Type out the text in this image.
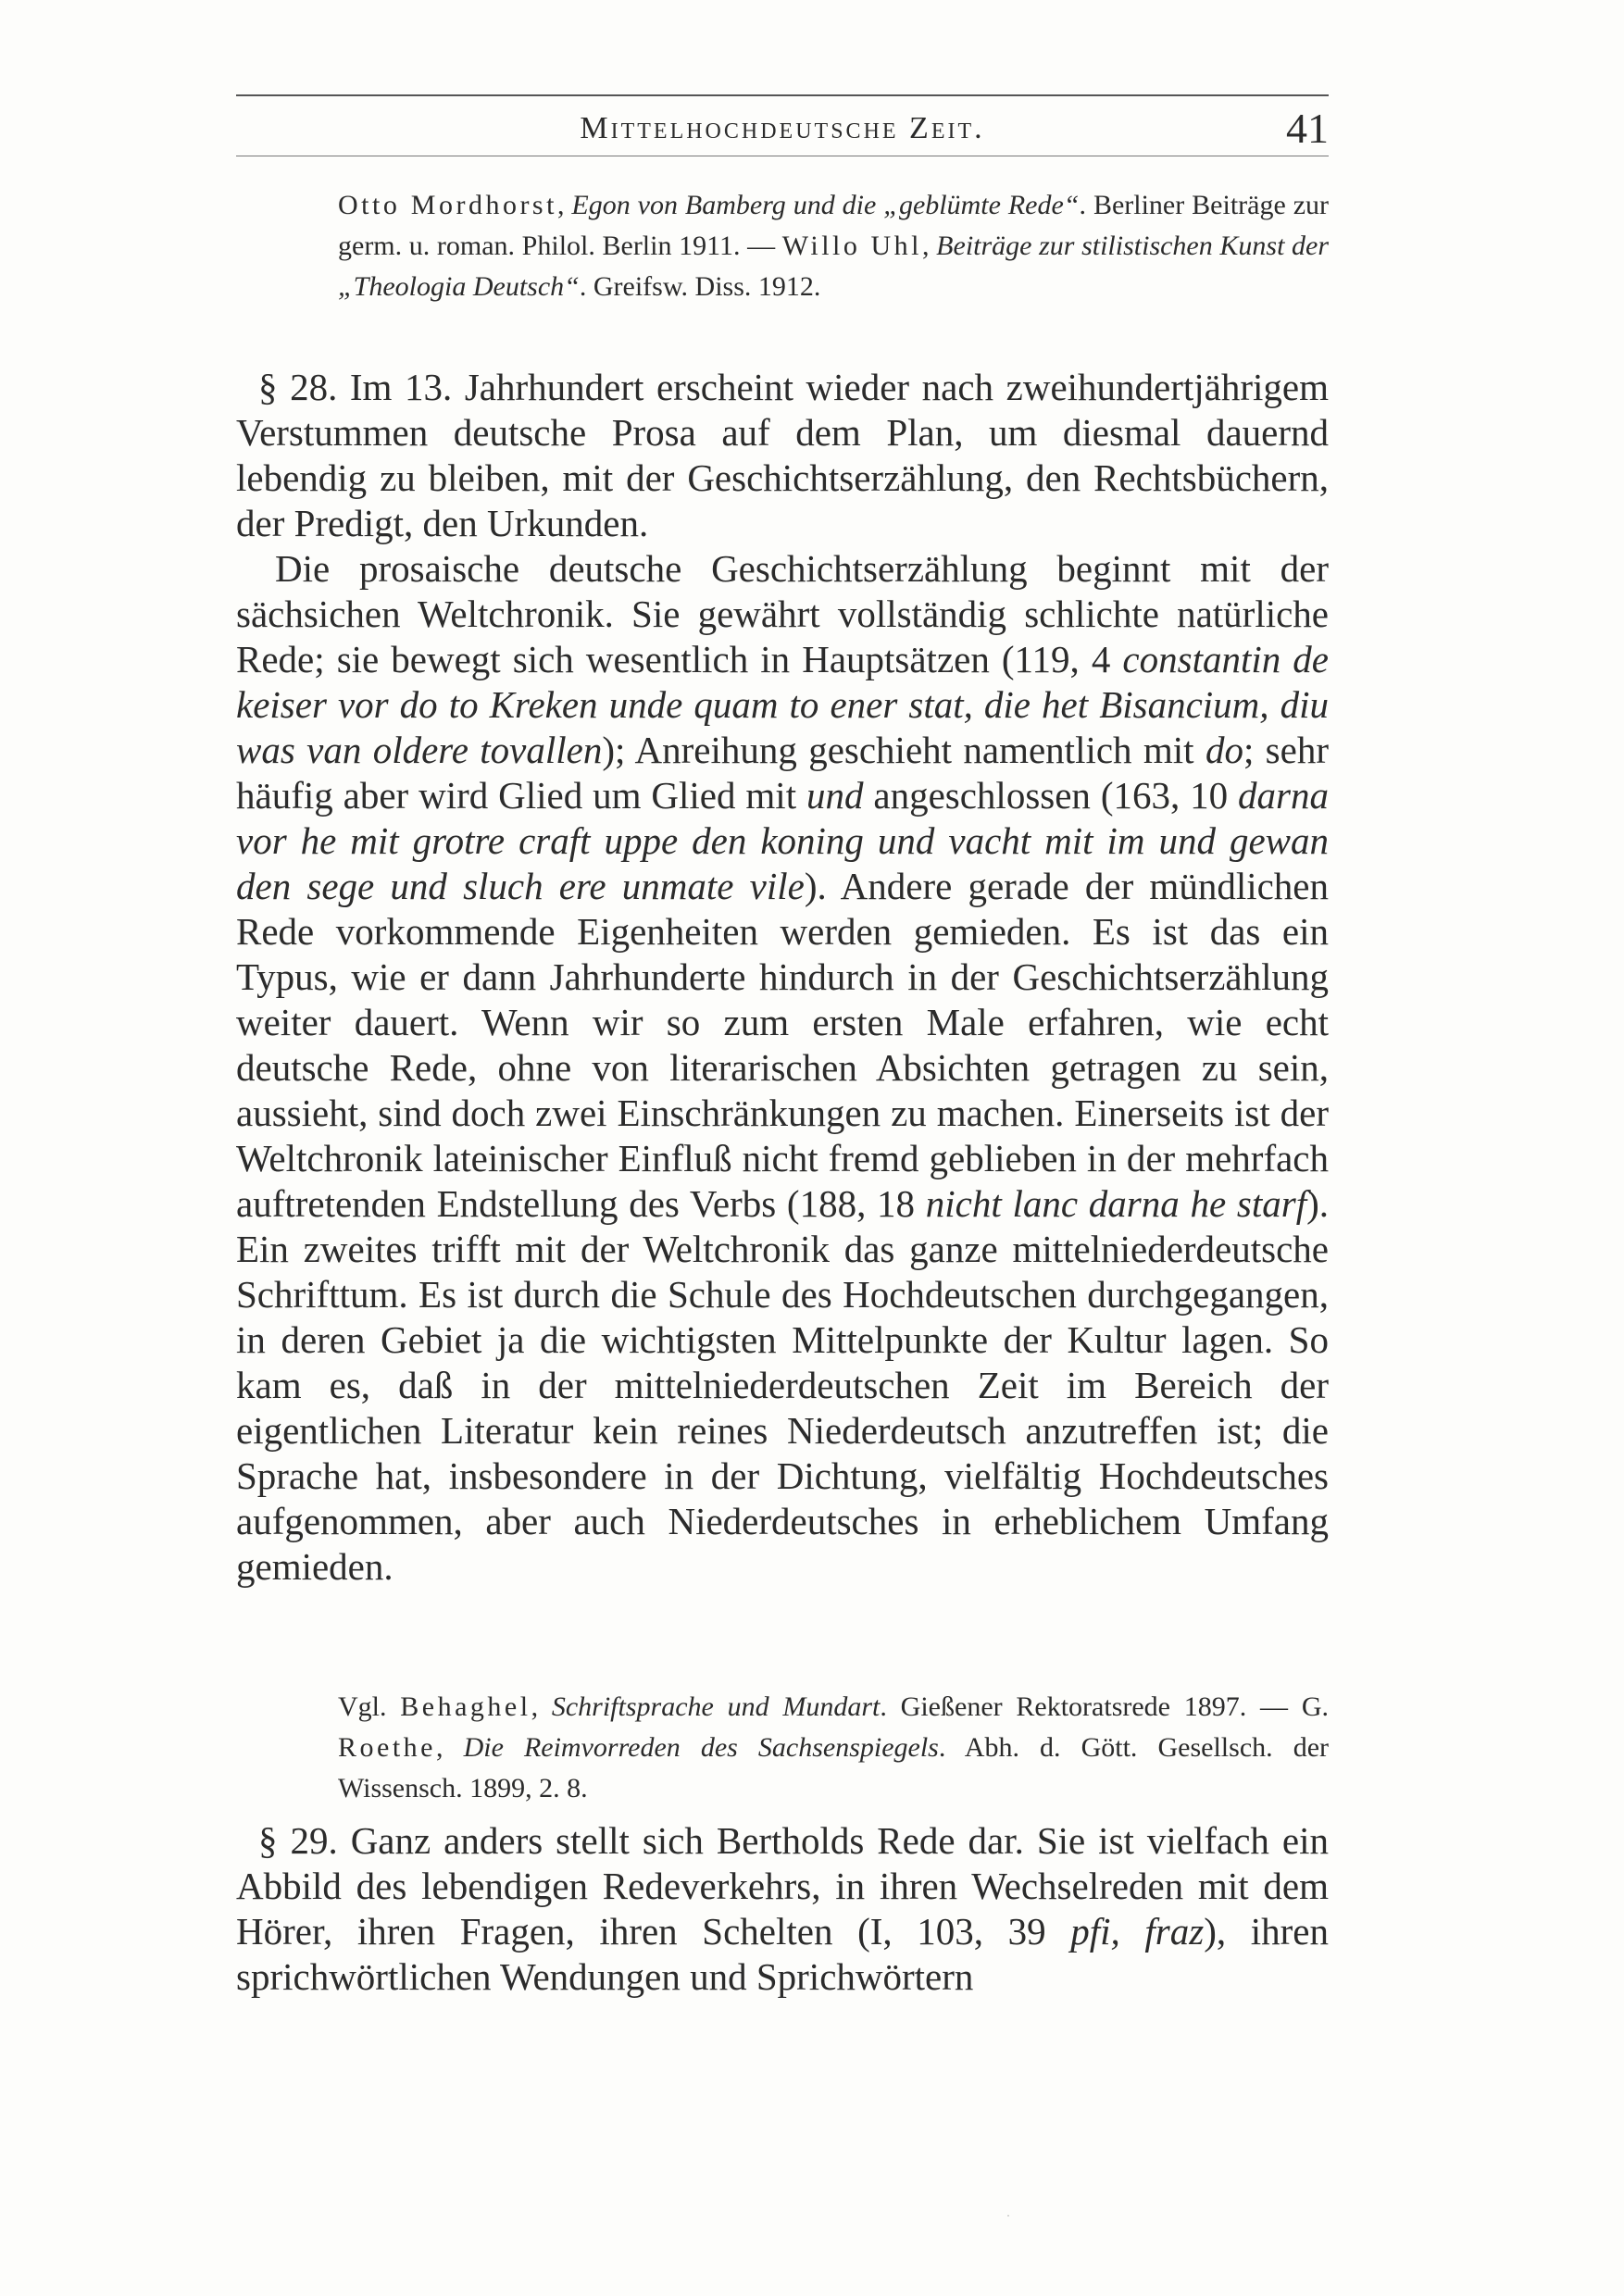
Mittelhochdeutsche Zeit.	41
Otto Mordhorst, Egon von Bamberg und die „geblümte Rede“. Berliner Beiträge zur germ. u. roman. Philol. Berlin 1911. — Willo Uhl, Beiträge zur stilistischen Kunst der „Theologia Deutsch“. Greifsw. Diss. 1912.

§ 28. Im 13. Jahrhundert erscheint wieder nach zweihundertjährigem Verstummen deutsche Prosa auf dem Plan, um diesmal dauernd lebendig zu bleiben, mit der Geschichtserzählung, den Rechtsbüchern, der Predigt, den Urkunden.

Die prosaische deutsche Geschichtserzählung beginnt mit der sächsichen Weltchronik. Sie gewährt vollständig schlichte natürliche Rede; sie bewegt sich wesentlich in Hauptsätzen (119, 4 constantin de keiser vor do to Kreken unde quam to ener stat, die het Bisancium, diu was van oldere tovallen); Anreihung geschieht namentlich mit do; sehr häufig aber wird Glied um Glied mit und angeschlossen (163, 10 darna vor he mit grotre craft uppe den koning und vacht mit im und gewan den sege und sluch ere unmate vile). Andere gerade der mündlichen Rede vorkommende Eigenheiten werden gemieden. Es ist das ein Typus, wie er dann Jahrhunderte hindurch in der Geschichtserzählung weiter dauert. Wenn wir so zum ersten Male erfahren, wie echt deutsche Rede, ohne von literarischen Absichten getragen zu sein, aussieht, sind doch zwei Einschränkungen zu machen. Einerseits ist der Weltchronik lateinischer Einfluß nicht fremd geblieben in der mehrfach auftretenden Endstellung des Verbs (188, 18 nicht lanc darna he starf). Ein zweites trifft mit der Weltchronik das ganze mittelniederdeutsche Schrifttum. Es ist durch die Schule des Hochdeutschen durchgegangen, in deren Gebiet ja die wichtigsten Mittelpunkte der Kultur lagen. So kam es, daß in der mittelniederdeutschen Zeit im Bereich der eigentlichen Literatur kein reines Niederdeutsch anzutreffen ist; die Sprache hat, insbesondere in der Dichtung, vielfältig Hochdeutsches aufgenommen, aber auch Niederdeutsches in erheblichem Umfang gemieden.

Vgl. Behaghel, Schriftsprache und Mundart. Gießener Rektoratsrede 1897. — G. Roethe, Die Reimvorreden des Sachsenspiegels. Abh. d. Gött. Gesellsch. der Wissensch. 1899, 2. 8.

§ 29. Ganz anders stellt sich Bertholds Rede dar. Sie ist vielfach ein Abbild des lebendigen Redeverkehrs, in ihren Wechselreden mit dem Hörer, ihren Fragen, ihren Schelten (I, 103, 39 pfi, fraz), ihren sprichwörtlichen Wendungen und Sprichwörtern

·
